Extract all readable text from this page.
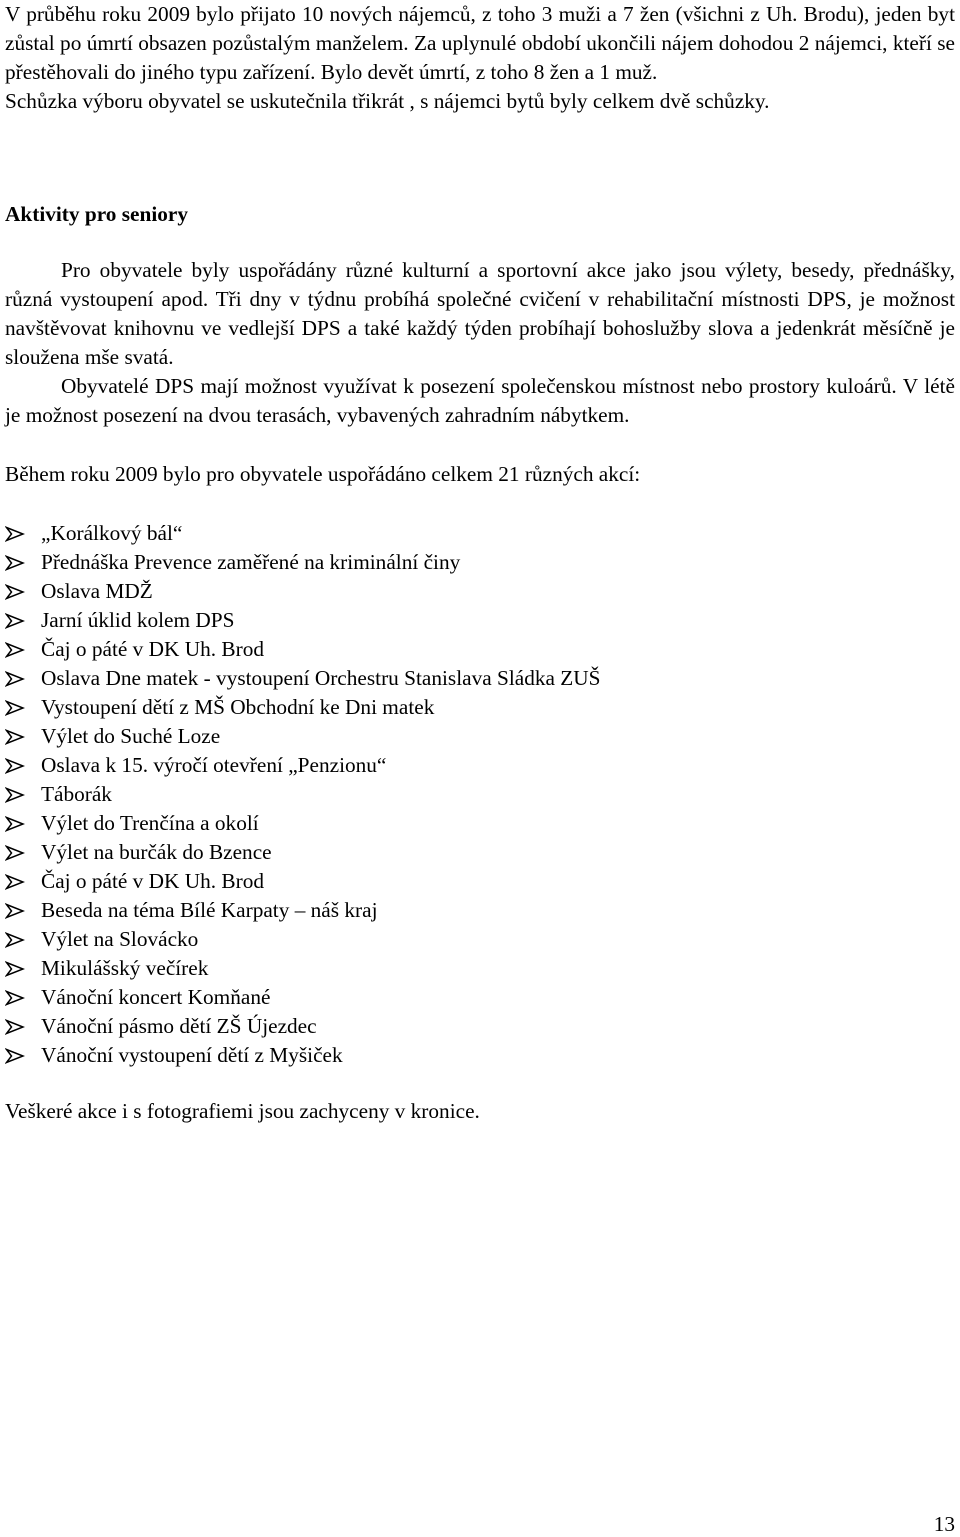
V průběhu roku 2009 bylo přijato 10 nových nájemců, z toho 3 muži a 7 žen (všichni z Uh. Brodu), jeden byt zůstal po úmrtí obsazen pozůstalým manželem. Za uplynulé období ukončili nájem dohodou 2 nájemci, kteří se přestěhovali do jiného typu zařízení. Bylo devět úmrtí, z toho 8 žen a 1 muž.
Schůzka výboru obyvatel se uskutečnila třikrát , s nájemci bytů byly celkem dvě schůzky.
Aktivity pro seniory
Pro obyvatele byly uspořádány různé kulturní a sportovní akce jako jsou výlety, besedy, přednášky, různá vystoupení apod. Tři dny v týdnu probíhá společné cvičení v rehabilitační místnosti DPS, je možnost navštěvovat knihovnu ve vedlejší DPS a také každý týden probíhají bohoslužby slova a jedenkrát měsíčně je sloužena mše svatá.
Obyvatelé DPS mají možnost využívat k posezení společenskou místnost nebo prostory kuloárů. V létě je možnost posezení na dvou terasách, vybavených zahradním nábytkem.
Během roku 2009 bylo pro obyvatele uspořádáno celkem 21 různých akcí:
„Korálkový bál“
Přednáška Prevence zaměřené na kriminální činy
Oslava MDŽ
Jarní úklid kolem DPS
Čaj o páté v DK Uh. Brod
Oslava Dne matek - vystoupení Orchestru Stanislava Sládka ZUŠ
Vystoupení dětí z MŠ Obchodní ke Dni matek
Výlet do Suché Loze
Oslava k 15. výročí otevření „Penzionu“
Táborák
Výlet do Trenčína a okolí
Výlet na burčák do Bzence
Čaj o páté v DK Uh. Brod
Beseda na téma Bílé Karpaty – náš kraj
Výlet na Slovácko
Mikulášský večírek
Vánoční koncert Komňané
Vánoční pásmo dětí ZŠ Újezdec
Vánoční vystoupení dětí z Myšiček
Veškeré akce i s fotografiemi jsou zachyceny v kronice.
13
